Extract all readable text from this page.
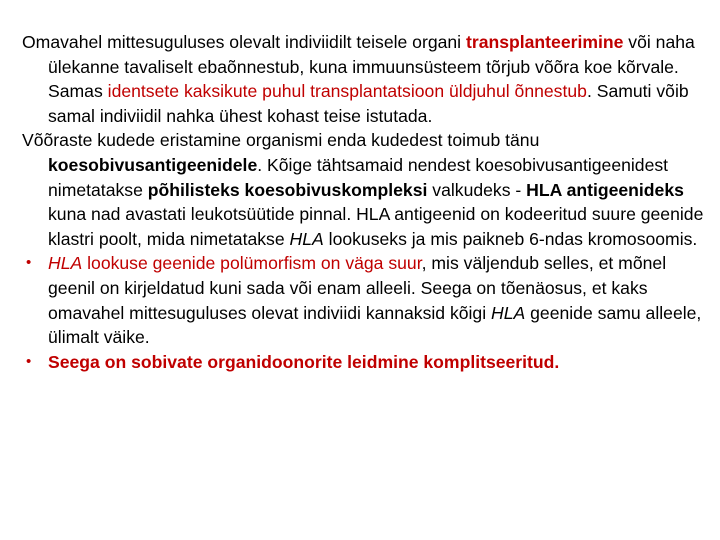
Omavahel mittesuguluses olevalt indiviidilt teisele organi transplanteerimine või naha ülekanne tavaliselt ebaõnnestub, kuna immuunsüsteem tõrjub võõra koe kõrvale. Samas identsete kaksikute puhul transplantatsioon üldjuhul õnnestub. Samuti võib samal indiviidil nahka ühest kohast teise istutada.

Võõraste kudede eristamine organismi enda kudedest toimub tänu koesobivusantigeenidele. Kõige tähtsamaid nendest koesobivusantigeenidest nimetatakse põhilisteks koesobivuskompleksi valkudeks - HLA antigeenideks kuna nad avastati leukotsüütide pinnal. HLA antigeenid on kodeeritud suure geenide klastri poolt, mida nimetatakse HLA lookuseks ja mis paikneb 6-ndas kromosoomis.

• HLA lookuse geenide polümorfism on väga suur, mis väljendub selles, et mõnel geenil on kirjeldatud kuni sada või enam alleeli. Seega on tõenäosus, et kaks omavahel mittesuguluses olevat indiviidi kannaksid kõigi HLA geenide samu alleele, ülimalt väike.

• Seega on sobivate organidoonorite leidmine komplitseeritud.
